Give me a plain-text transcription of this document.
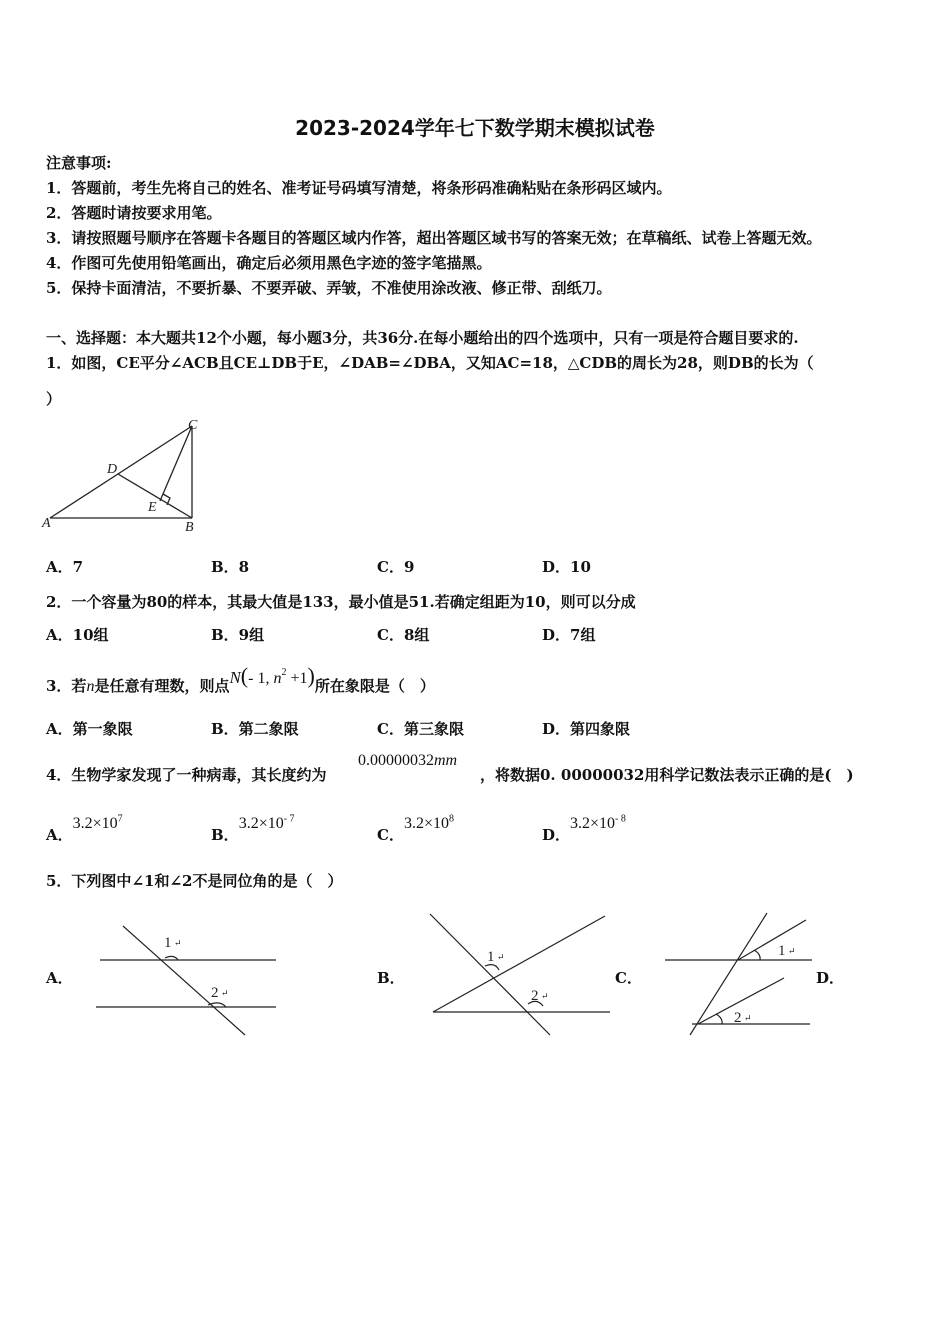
2023-2024学年七下数学期末模拟试卷
注意事项:
1．答题前，考生先将自己的姓名、准考证号码填写清楚，将条形码准确粘贴在条形码区域内。
2．答题时请按要求用笔。
3．请按照题号顺序在答题卡各题目的答题区域内作答，超出答题区域书写的答案无效；在草稿纸、试卷上答题无效。
4．作图可先使用铅笔画出，确定后必须用黑色字迹的签字笔描黑。
5．保持卡面清洁，不要折暴、不要弄破、弄皱，不准使用涂改液、修正带、刮纸刀。
一、选择题：本大题共12个小题，每小题3分，共36分.在每小题给出的四个选项中，只有一项是符合题目要求的.
1．如图，CE平分∠ACB且CE⊥DB于E，∠DAB=∠DBA，又知AC=18，△CDB的周长为28，则DB的长为（
）
A	B
C
D
E
A．7	B．8	C．9	D．10
2．一个容量为80的样本，其最大值是133，最小值是51.若确定组距为10，则可以分成
A．10组	B．9组	C．8组	D．7组
3．若n是任意有理数，则点N(- 1, $n^2 +1$)所在象限是（　）
A．第一象限	B．第二象限	C．第三象限	D．第四象限
4．生物学家发现了一种病毒，其长度约为
0.00000032mm
，将数据0. 00000032用科学记数法表示正确的是(　)
A．$3.2\times 10^7$
B．$3.2\times 10^{- 7}$
C．$3.2\times 10^8$
D．$3.2\times 10^{- 8}$
5．下列图中∠1和∠2不是同位角的是（　）
A．	B．	C．	D．
1 ↵
2 ↵
1 ↵
2 ↵
1 ↵
2 ↵
